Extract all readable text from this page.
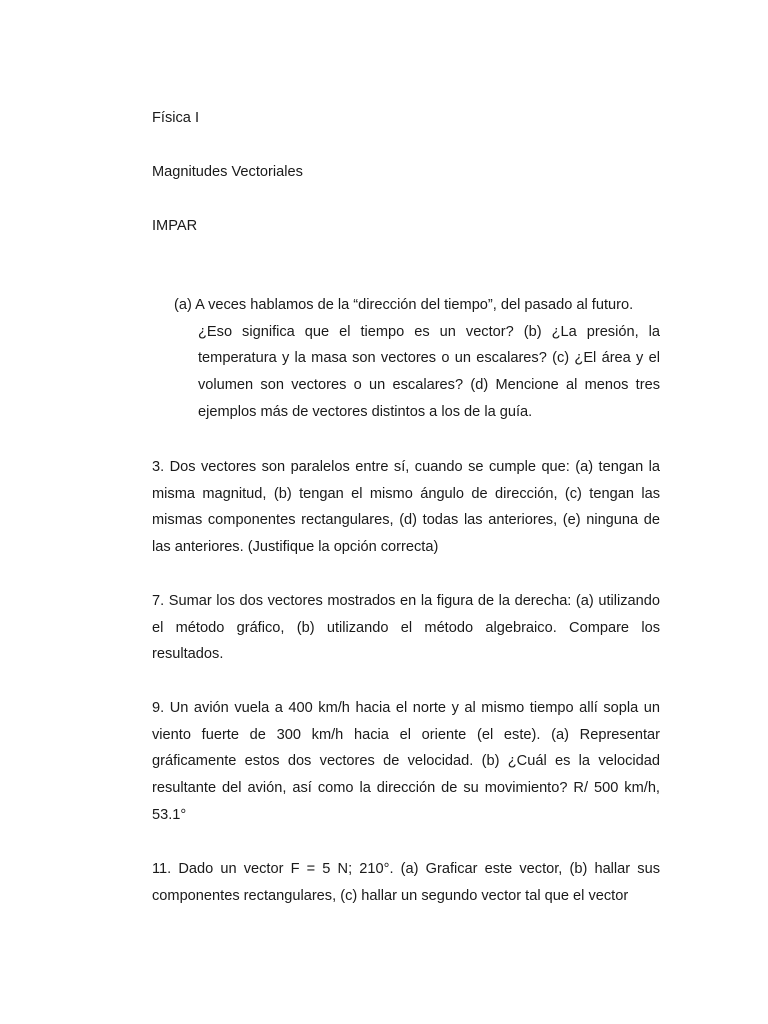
Física I
Magnitudes Vectoriales
IMPAR
(a) A veces hablamos de la “dirección del tiempo”, del pasado al futuro.
¿Eso significa que el tiempo es un vector? (b) ¿La presión, la temperatura y la masa son vectores o un escalares? (c) ¿El área y el volumen son vectores o un escalares? (d) Mencione al menos tres ejemplos más de vectores distintos a los de la guía.

3. Dos vectores son paralelos entre sí, cuando se cumple que: (a) tengan la misma magnitud, (b) tengan el mismo ángulo de dirección, (c) tengan las mismas componentes rectangulares, (d) todas las anteriores, (e) ninguna de las anteriores. (Justifique la opción correcta)

7. Sumar los dos vectores mostrados en la figura de la derecha: (a) utilizando el método gráfico, (b) utilizando el método algebraico. Compare los resultados.

9. Un avión vuela a 400 km/h hacia el norte y al mismo tiempo allí sopla un viento fuerte de 300 km/h hacia el oriente (el este). (a) Representar gráficamente estos dos vectores de velocidad. (b) ¿Cuál es la velocidad resultante del avión, así como la dirección de su movimiento? R/ 500 km/h, 53.1°

11. Dado un vector F = 5 N; 210°. (a) Graficar este vector, (b) hallar sus componentes rectangulares, (c) hallar un segundo vector tal que el vector
